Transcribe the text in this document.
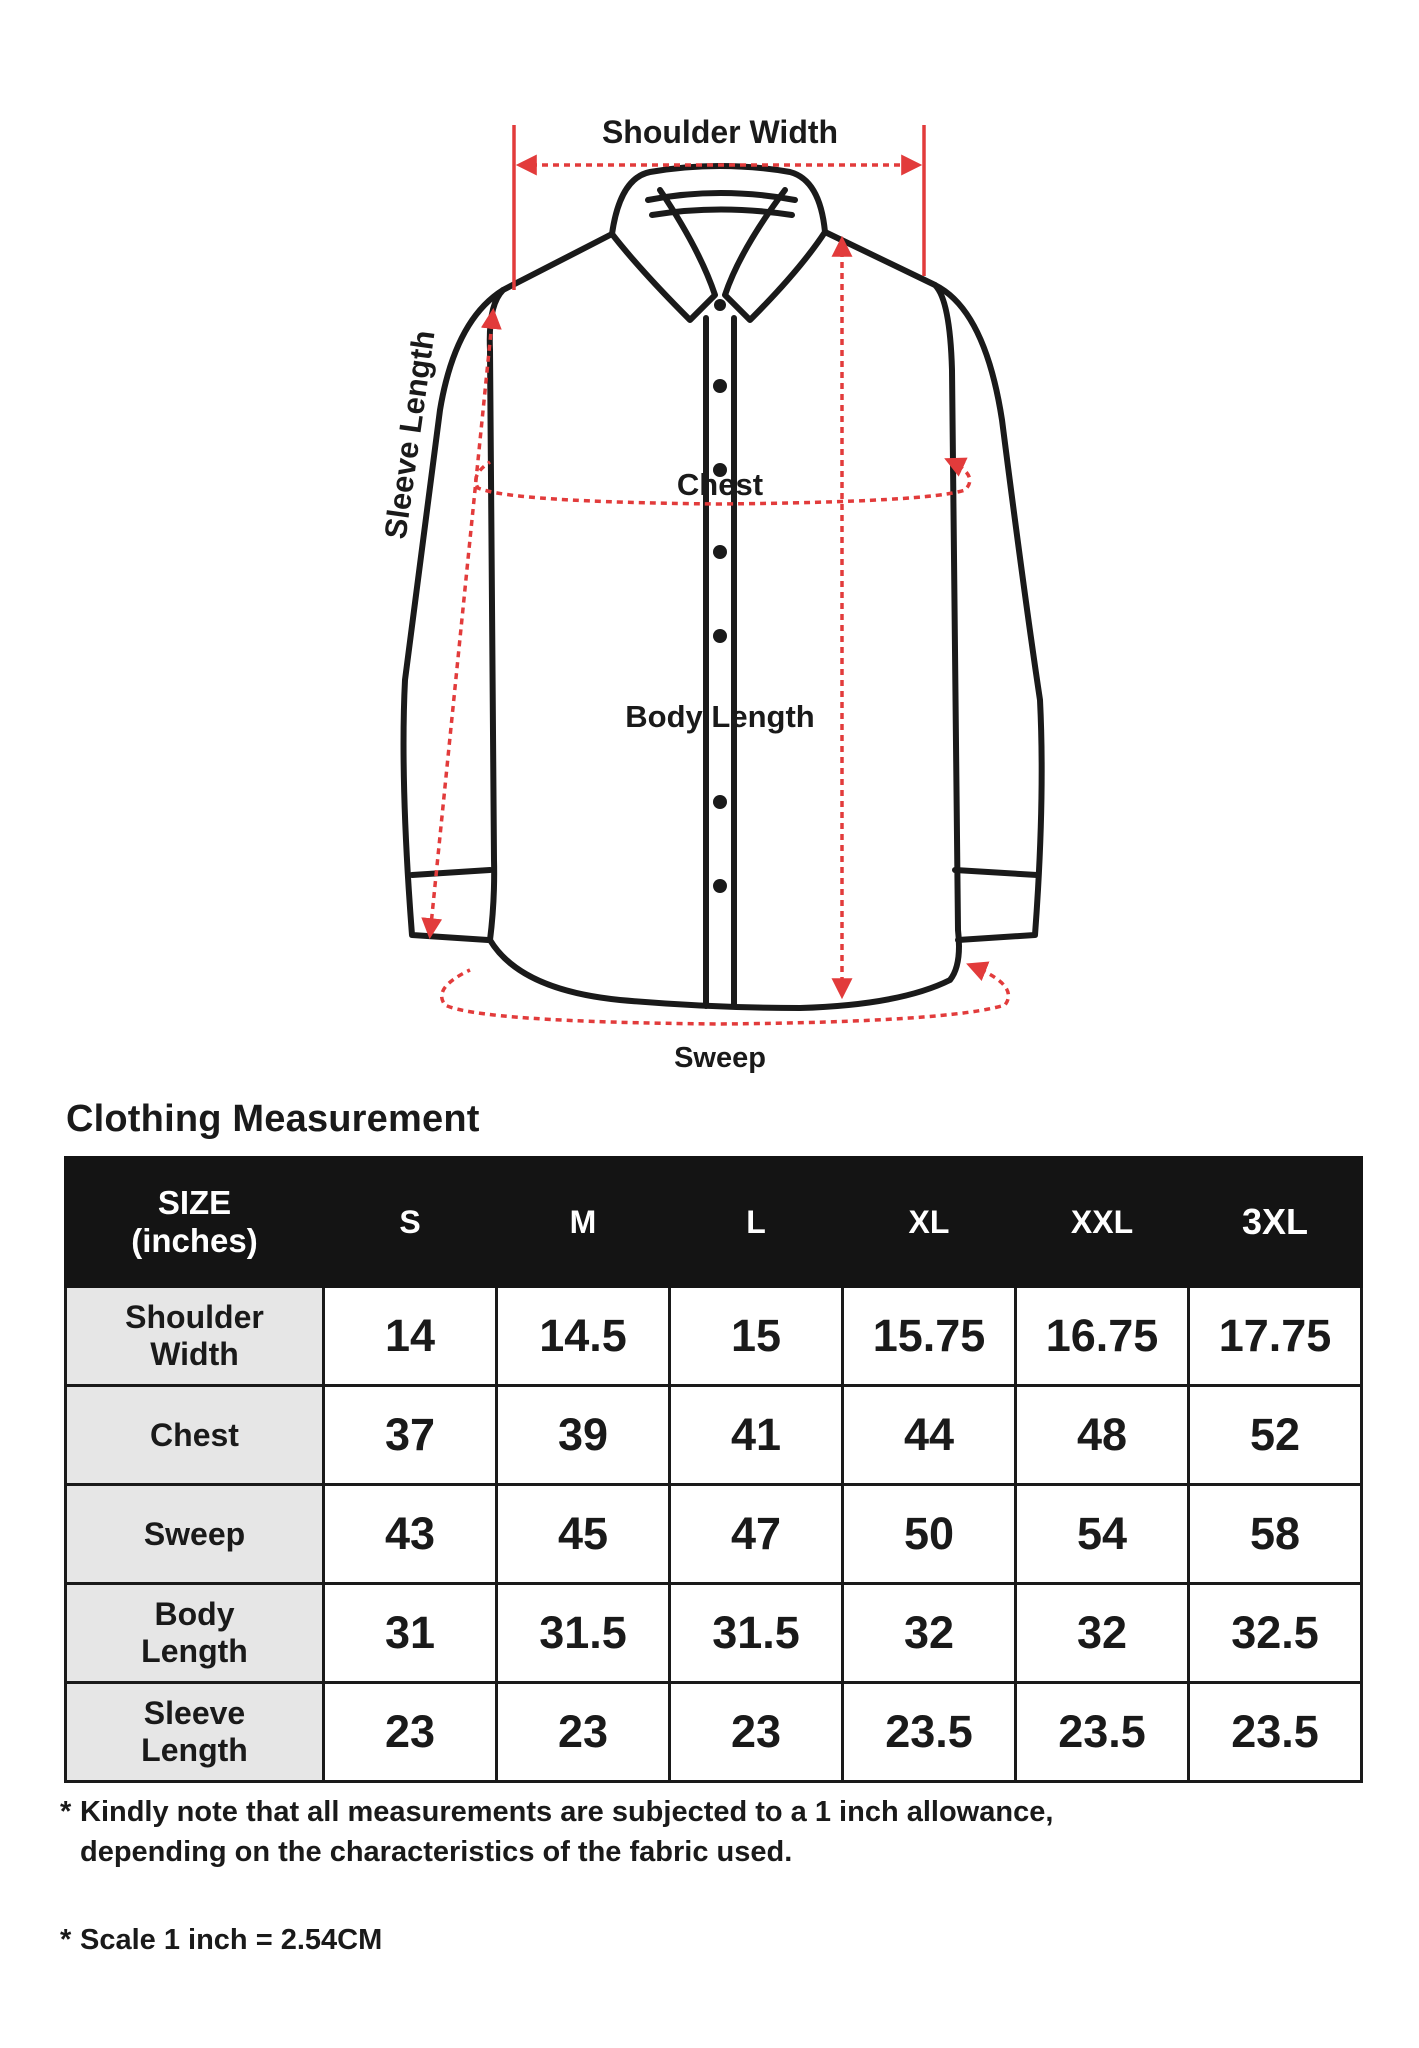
Shoulder Width
Sleeve Length	Chest
Body Length
Sweep
Clothing Measurement
SIZE
(inches)	S	M	L	XL	XXL	3XL

Shoulder
Width	14	14.5	15	15.75	16.75	17.75

Chest	37	39	41	44	48	52

Sweep	43	45	47	50	54	58

Body
Length	31	31.5	31.5	32	32	32.5

Sleeve
Length	23	23	23	23.5	23.5	23.5
* Kindly note that all measurements are subjected to a 1 inch allowance,
depending on the characteristics of the fabric used.
* Scale 1 inch = 2.54CM
